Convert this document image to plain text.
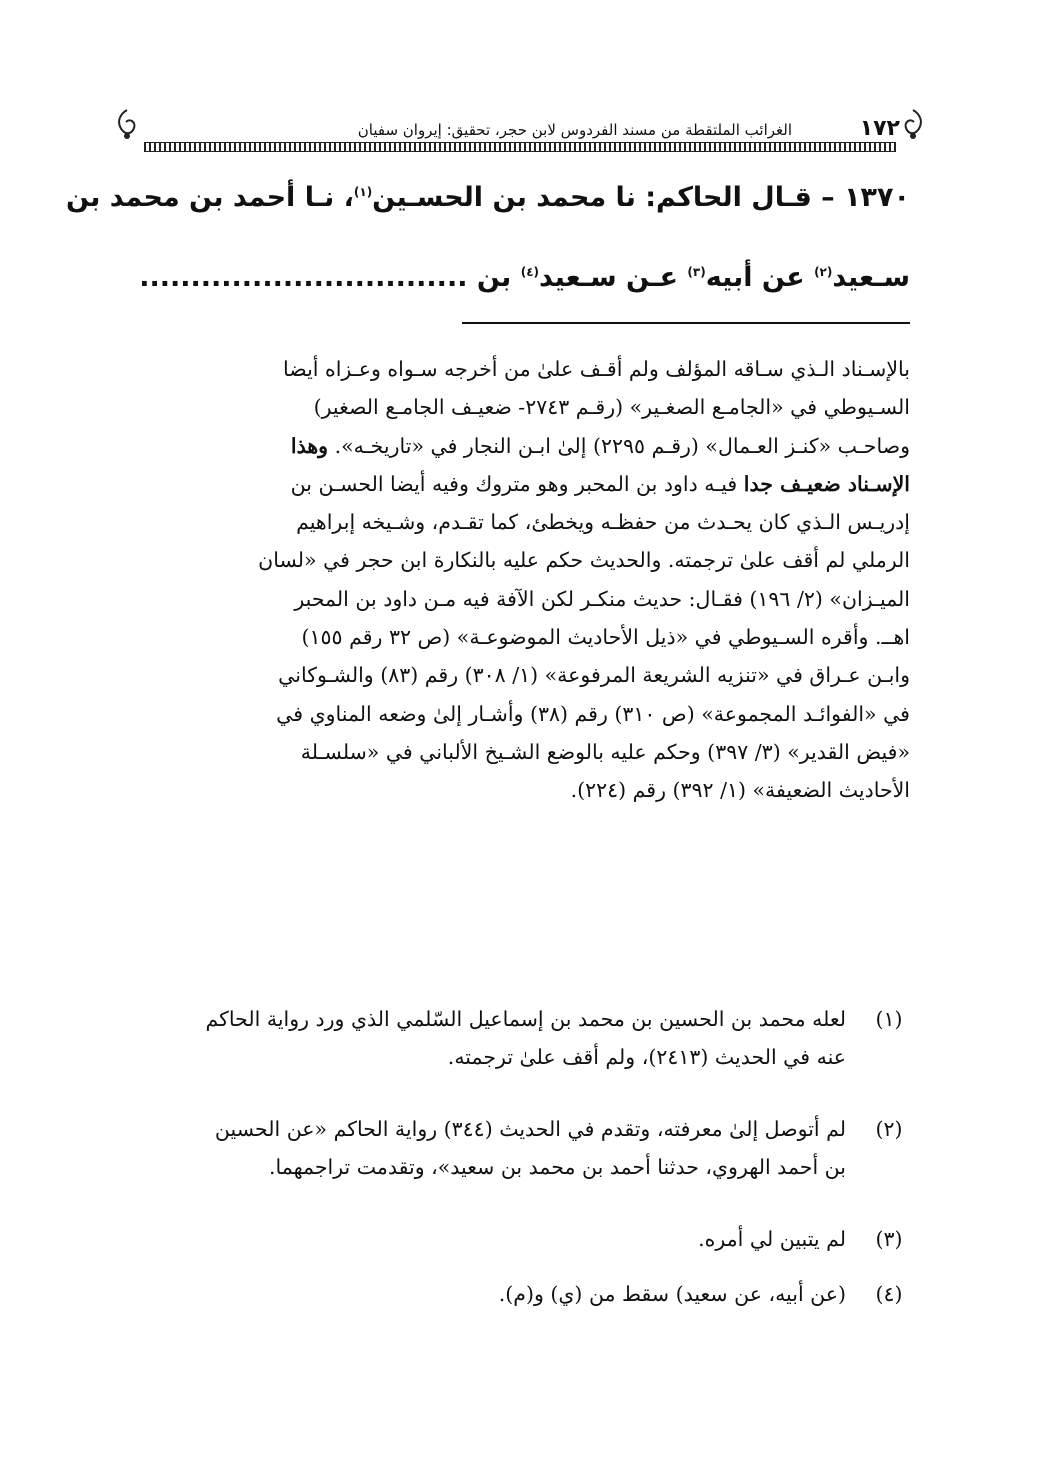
١٧٢
الغرائب الملتقطة من مسند الفردوس لابن حجر، تحقيق: إيروان سفيان
١٣٧٠ – قـال الحاكم: نا محمد بن الحسـين$^{(١)}$، نـا أحمد بن محمد بن
سـعيد$^{(٢)}$ عن أبيه$^{(٣)}$ عـن سـعيد$^{(٤)}$ بن ................................
بالإسـناد الـذي سـاقه المؤلف ولم أقـف علىٰ من أخرجه سـواه وعـزاه أيضا
السـيوطي في «الجامـع الصغـير» (رقـم ٢٧٤٣- ضعيـف الجامـع الصغير)
وصاحـب «كنـز العـمال» (رقـم ٢٢٩٥) إلىٰ ابـن النجار في «تاريخـه». وهذا
الإسـناد ضعيـف جدا فيـه داود بن المحبر وهو متروك وفيه أيضا الحسـن بن
إدريـس الـذي كان يحـدث من حفظـه ويخطئ، كما تقـدم، وشـيخه إبراهيم
الرملي لم أقف علىٰ ترجمته. والحديث حكم عليه بالنكارة ابن حجر في «لسان
الميـزان» (٢/ ١٩٦) فقـال: حديث منكـر لكن الآفة فيه مـن داود بن المحبر
اهــ. وأقره السـيوطي في «ذيل الأحاديث الموضوعـة» (ص ٣٢ رقم ١٥٥)
وابـن عـراق في «تنزيه الشريعة المرفوعة» (١/ ٣٠٨) رقم (٨٣) والشـوكاني
في «الفوائـد المجموعة» (ص ٣١٠) رقم (٣٨) وأشـار إلىٰ وضعه المناوي في
«فيض القدير» (٣/ ٣٩٧) وحكم عليه بالوضع الشـيخ الألباني في «سلسـلة
الأحاديث الضعيفة» (١/ ٣٩٢) رقم (٢٢٤).
(١)
لعله محمد بن الحسين بن محمد بن إسماعيل السّلمي الذي ورد رواية الحاكم
عنه في الحديث (٢٤١٣)، ولم أقف علىٰ ترجمته.
(٢)
لم أتوصل إلىٰ معرفته، وتقدم في الحديث (٣٤٤) رواية الحاكم «عن الحسين
بن أحمد الهروي، حدثنا أحمد بن محمد بن سعيد»، وتقدمت تراجمهما.
(٣)
لم يتبين لي أمره.
(٤)
(عن أبيه، عن سعيد) سقط من (ي) و(م).
